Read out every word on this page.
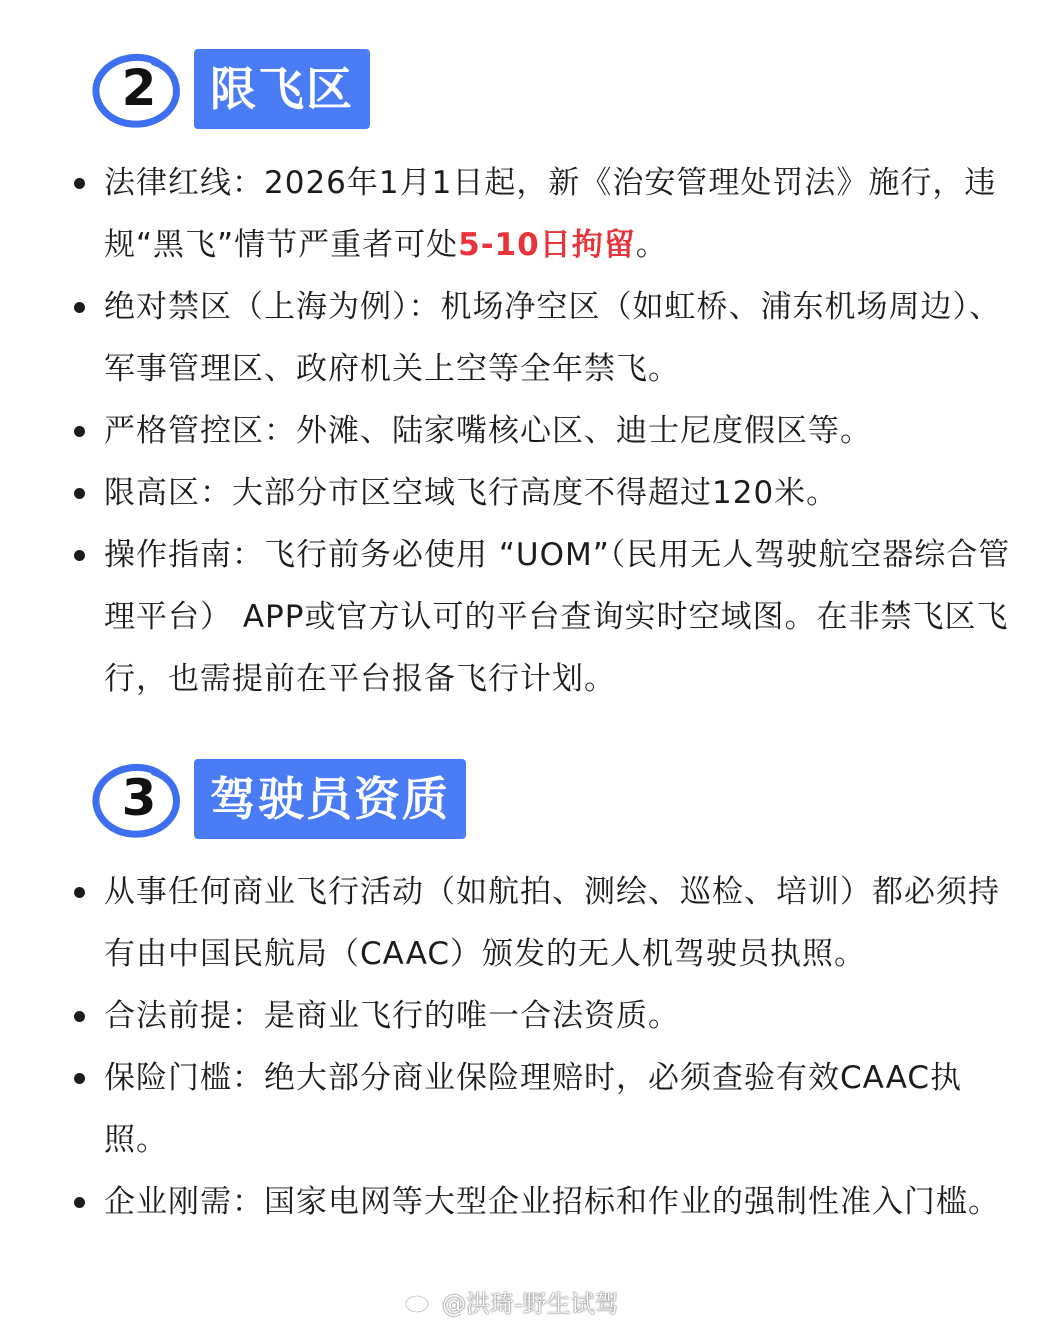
2	限飞区
法律红线：2026年1月1日起，新《治安管理处罚法》施行，违规“黑飞”情节严重者可处5-10日拘留。
绝对禁区（上海为例）：机场净空区（如虹桥、浦东机场周边）、军事管理区、政府机关上空等全年禁飞。
严格管控区：外滩、陆家嘴核心区、迪士尼度假区等。
限高区：大部分市区空域飞行高度不得超过120米。
操作指南：飞行前务必使用 “UOM”（民用无人驾驶航空器综合管理平台） APP或官方认可的平台查询实时空域图。在非禁飞区飞行，也需提前在平台报备飞行计划。
3	驾驶员资质
从事任何商业飞行活动（如航拍、测绘、巡检、培训）都必须持有由中国民航局（CAAC）颁发的无人机驾驶员执照。
合法前提：是商业飞行的唯一合法资质。
保险门槛：绝大部分商业保险理赔时，必须查验有效CAAC执照。
企业刚需：国家电网等大型企业招标和作业的强制性准入门槛。
@洪琦-野生试驾
